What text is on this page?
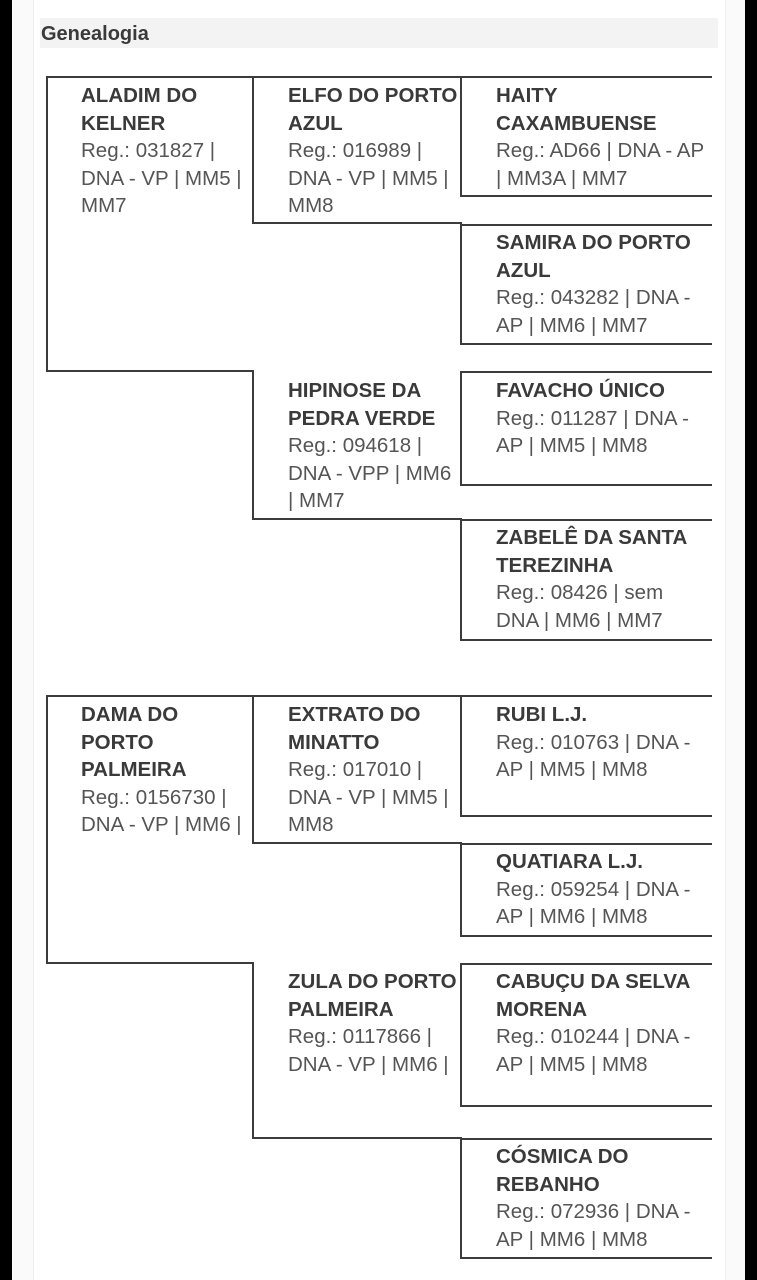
Genealogia
ALADIM DO KELNER
Reg.: 031827 | DNA - VP | MM5 | MM7
ELFO DO PORTO AZUL
Reg.: 016989 | DNA - VP | MM5 | MM8
HIPINOSE DA PEDRA VERDE
Reg.: 094618 | DNA - VPP | MM6 | MM7
HAITY CAXAMBUENSE
Reg.: AD66 | DNA - AP | MM3A | MM7
SAMIRA DO PORTO AZUL
Reg.: 043282 | DNA - AP | MM6 | MM7
FAVACHO ÚNICO
Reg.: 011287 | DNA - AP | MM5 | MM8
ZABELÊ DA SANTA TEREZINHA
Reg.: 08426 | sem DNA | MM6 | MM7
DAMA DO PORTO PALMEIRA
Reg.: 0156730 | DNA - VP | MM6 |
EXTRATO DO MINATTO
Reg.: 017010 | DNA - VP | MM5 | MM8
ZULA DO PORTO PALMEIRA
Reg.: 0117866 | DNA - VP | MM6 |
RUBI L.J.
Reg.: 010763 | DNA - AP | MM5 | MM8
QUATIARA L.J.
Reg.: 059254 | DNA - AP | MM6 | MM8
CABUÇU DA SELVA MORENA
Reg.: 010244 | DNA - AP | MM5 | MM8
CÓSMICA DO REBANHO
Reg.: 072936 | DNA - AP | MM6 | MM8
